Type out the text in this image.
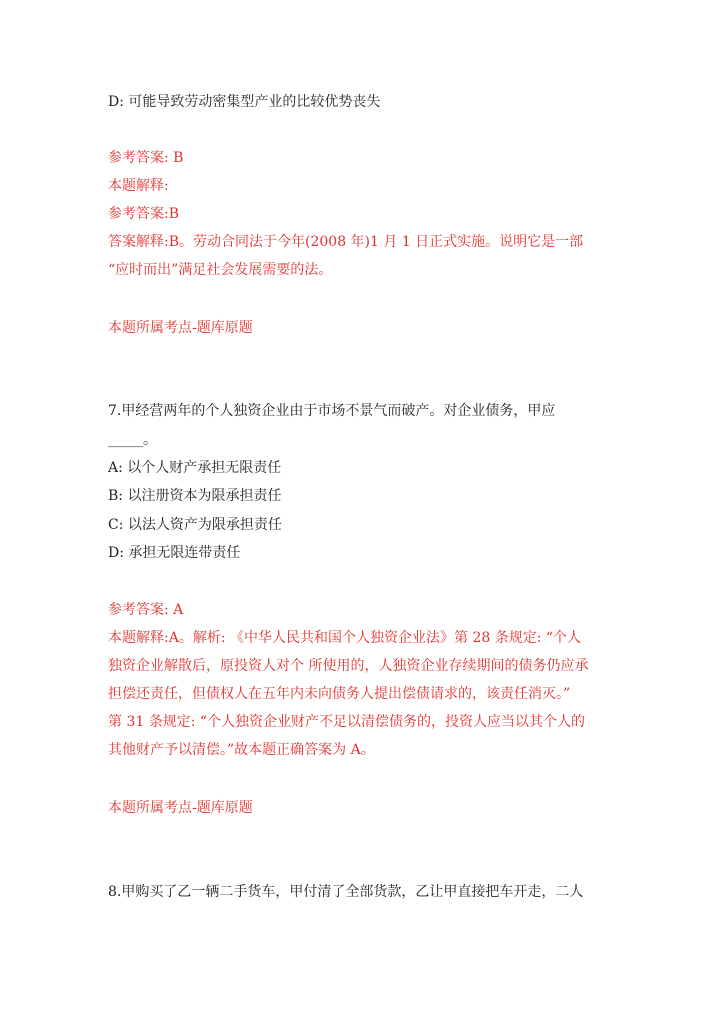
D: 可能导致劳动密集型产业的比较优势丧失
参考答案: B
本题解释:
参考答案:B
答案解释:B。劳动合同法于今年(2008 年)1 月 1 日正式实施。说明它是一部
“应时而出”满足社会发展需要的法。
本题所属考点-题库原题
7.甲经营两年的个人独资企业由于市场不景气而破产。对企业债务，甲应
_____。
A: 以个人财产承担无限责任
B: 以注册资本为限承担责任
C: 以法人资产为限承担责任
D: 承担无限连带责任
参考答案: A
本题解释:A。解析: 《中华人民共和国个人独资企业法》第 28 条规定: “个人
独资企业解散后，原投资人对个 所使用的，人独资企业存续期间的债务仍应承
担偿还责任，但债权人在五年内未向债务人提出偿债请求的，该责任消灭。”
第 31 条规定: “个人独资企业财产不足以清偿债务的，投资人应当以其个人的
其他财产予以清偿。”故本题正确答案为 A。
本题所属考点-题库原题
8.甲购买了乙一辆二手货车，甲付清了全部货款，乙让甲直接把车开走，二人
